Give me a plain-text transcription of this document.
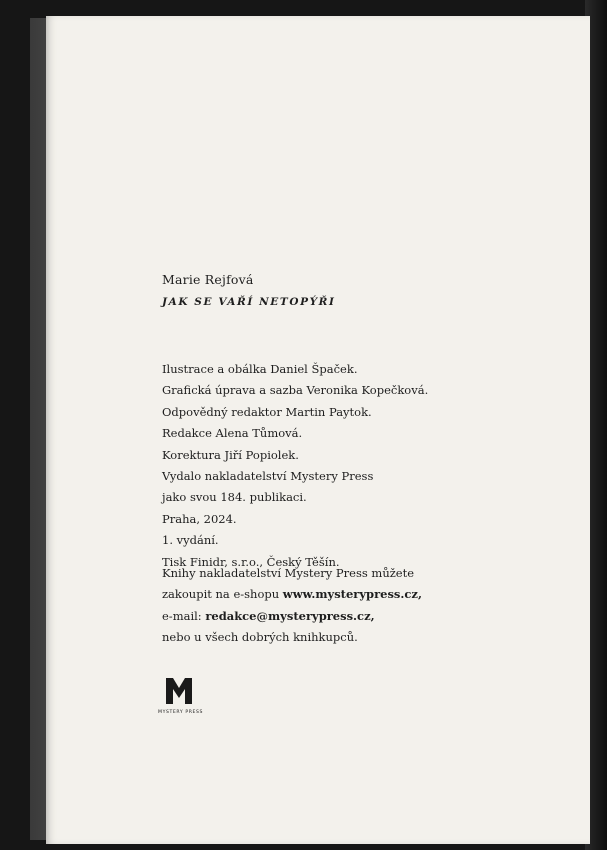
Marie Rejfová

JAK SE VAŘÍ NETOPÝŘI

Ilustrace a obálka Daniel Špaček.
Grafická úprava a sazba Veronika Kopečková.
Odpovědný redaktor Martin Paytok.
Redakce Alena Tůmová.
Korektura Jiří Popiolek.
Vydalo nakladatelství Mystery Press
jako svou 184. publikaci.
Praha, 2024.
1. vydání.
Tisk Finidr, s.r.o., Český Těšín.

Knihy nakladatelství Mystery Press můžete
zakoupit na e-shopu www.mysterypress.cz,
e-mail: redakce@mysterypress.cz,
nebo u všech dobrých knihkupců.

MYSTERY PRESS
